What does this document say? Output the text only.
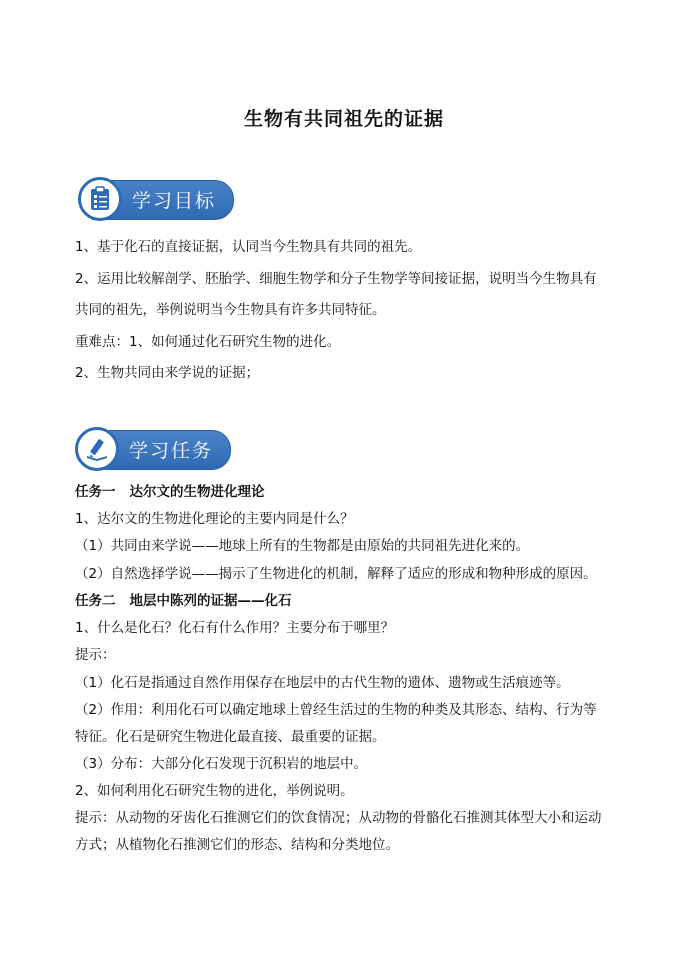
生物有共同祖先的证据
学习目标
1、基于化石的直接证据，认同当今生物具有共同的祖先。
2、运用比较解剖学、胚胎学、细胞生物学和分子生物学等间接证据，说明当今生物具有
共同的祖先，举例说明当今生物具有许多共同特征。
重难点：1、如何通过化石研究生物的进化。
2、生物共同由来学说的证据；
学习任务
任务一 达尔文的生物进化理论
1、达尔文的生物进化理论的主要内同是什么？
（1）共同由来学说——地球上所有的生物都是由原始的共同祖先进化来的。
（2）自然选择学说——揭示了生物进化的机制，解释了适应的形成和物种形成的原因。
任务二 地层中陈列的证据——化石
1、什么是化石？化石有什么作用？主要分布于哪里？
提示：
（1）化石是指通过自然作用保存在地层中的古代生物的遗体、遗物或生活痕迹等。
（2）作用：利用化石可以确定地球上曾经生活过的生物的种类及其形态、结构、行为等
特征。化石是研究生物进化最直接、最重要的证据。
（3）分布：大部分化石发现于沉积岩的地层中。
2、如何利用化石研究生物的进化，举例说明。
提示：从动物的牙齿化石推测它们的饮食情况；从动物的骨骼化石推测其体型大小和运动
方式；从植物化石推测它们的形态、结构和分类地位。
